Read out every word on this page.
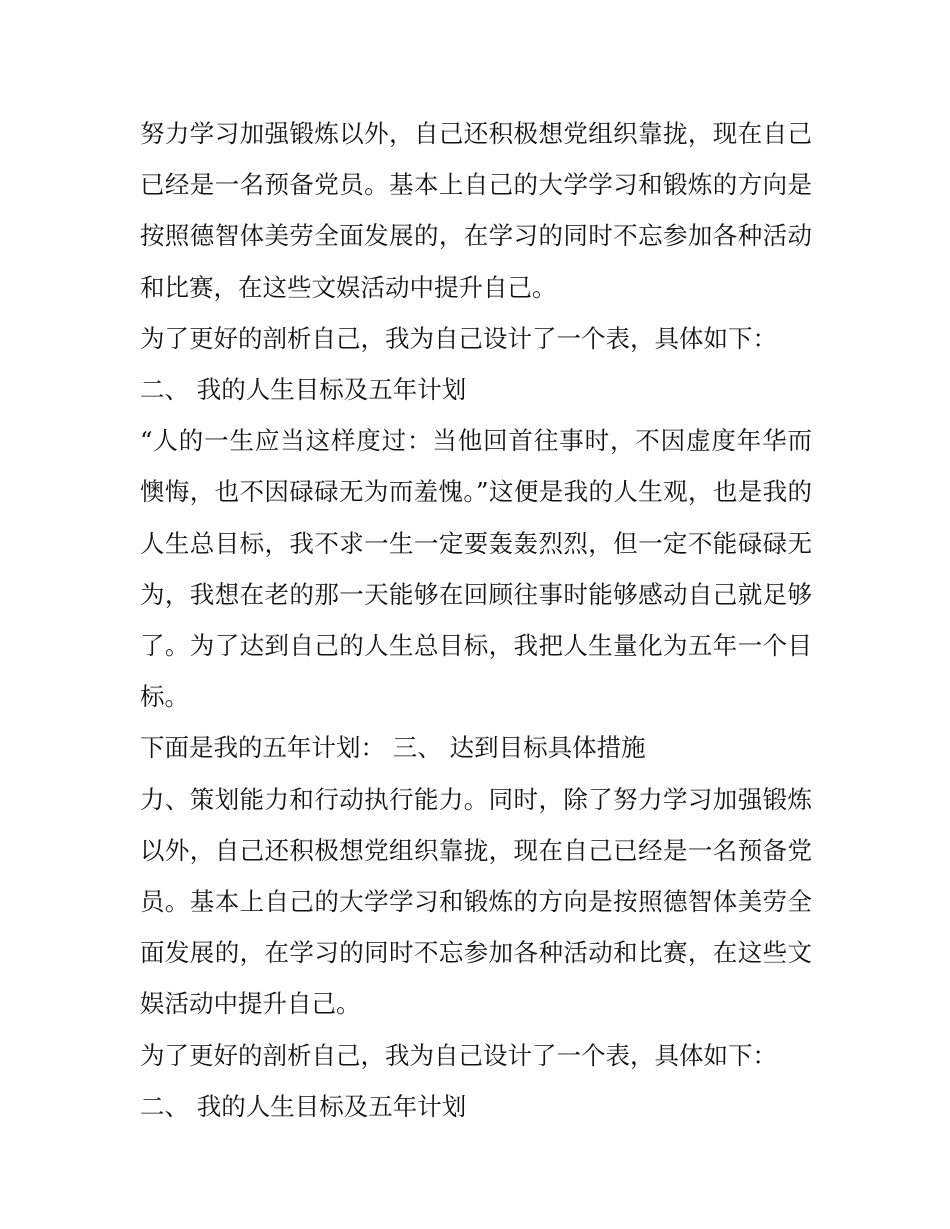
努力学习加强锻炼以外，自己还积极想党组织靠拢，现在自己已经是一名预备党员。基本上自己的大学学习和锻炼的方向是按照德智体美劳全面发展的，在学习的同时不忘参加各种活动和比赛，在这些文娱活动中提升自己。

为了更好的剖析自己，我为自己设计了一个表，具体如下：

二、 我的人生目标及五年计划

“人的一生应当这样度过：当他回首往事时，不因虚度年华而懊悔，也不因碌碌无为而羞愧。”这便是我的人生观，也是我的人生总目标，我不求一生一定要轰轰烈烈，但一定不能碌碌无为，我想在老的那一天能够在回顾往事时能够感动自己就足够了。为了达到自己的人生总目标，我把人生量化为五年一个目标。

下面是我的五年计划： 三、 达到目标具体措施

力、策划能力和行动执行能力。同时，除了努力学习加强锻炼以外，自己还积极想党组织靠拢，现在自己已经是一名预备党员。基本上自己的大学学习和锻炼的方向是按照德智体美劳全面发展的，在学习的同时不忘参加各种活动和比赛，在这些文娱活动中提升自己。

为了更好的剖析自己，我为自己设计了一个表，具体如下：

二、 我的人生目标及五年计划
